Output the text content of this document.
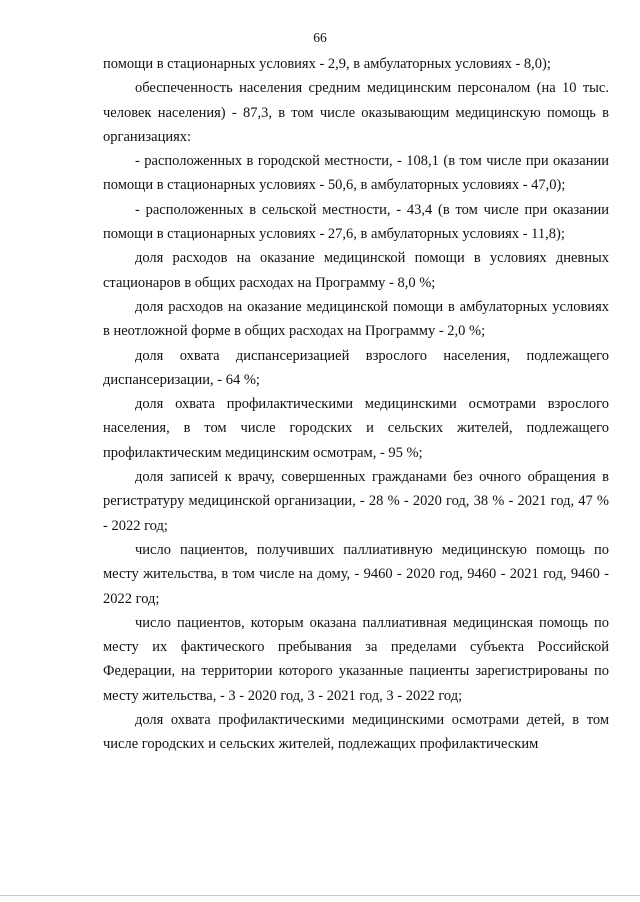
66

помощи в стационарных условиях - 2,9, в амбулаторных условиях - 8,0);

обеспеченность населения средним медицинским персоналом (на 10 тыс. человек населения) - 87,3, в том числе оказывающим медицинскую помощь в организациях:

- расположенных в городской местности, - 108,1 (в том числе при оказании помощи в стационарных условиях - 50,6, в амбулаторных условиях - 47,0);

- расположенных в сельской местности, - 43,4 (в том числе при оказании помощи в стационарных условиях - 27,6, в амбулаторных условиях - 11,8);

доля расходов на оказание медицинской помощи в условиях дневных стационаров в общих расходах на Программу - 8,0 %;

доля расходов на оказание медицинской помощи в амбулаторных условиях в неотложной форме в общих расходах на Программу - 2,0 %;

доля охвата диспансеризацией взрослого населения, подлежащего диспансеризации, - 64 %;

доля охвата профилактическими медицинскими осмотрами взрослого населения, в том числе городских и сельских жителей, подлежащего профилактическим медицинским осмотрам, - 95 %;

доля записей к врачу, совершенных гражданами без очного обращения в регистратуру медицинской организации, - 28 % - 2020 год, 38 % - 2021 год, 47 % - 2022 год;

число пациентов, получивших паллиативную медицинскую помощь по месту жительства, в том числе на дому, - 9460 - 2020 год, 9460 - 2021 год, 9460 - 2022 год;

число пациентов, которым оказана паллиативная медицинская помощь по месту их фактического пребывания за пределами субъекта Российской Федерации, на территории которого указанные пациенты зарегистрированы по месту жительства, - 3 - 2020 год, 3 - 2021 год, 3 - 2022 год;

доля охвата профилактическими медицинскими осмотрами детей, в том числе городских и сельских жителей, подлежащих профилактическим
